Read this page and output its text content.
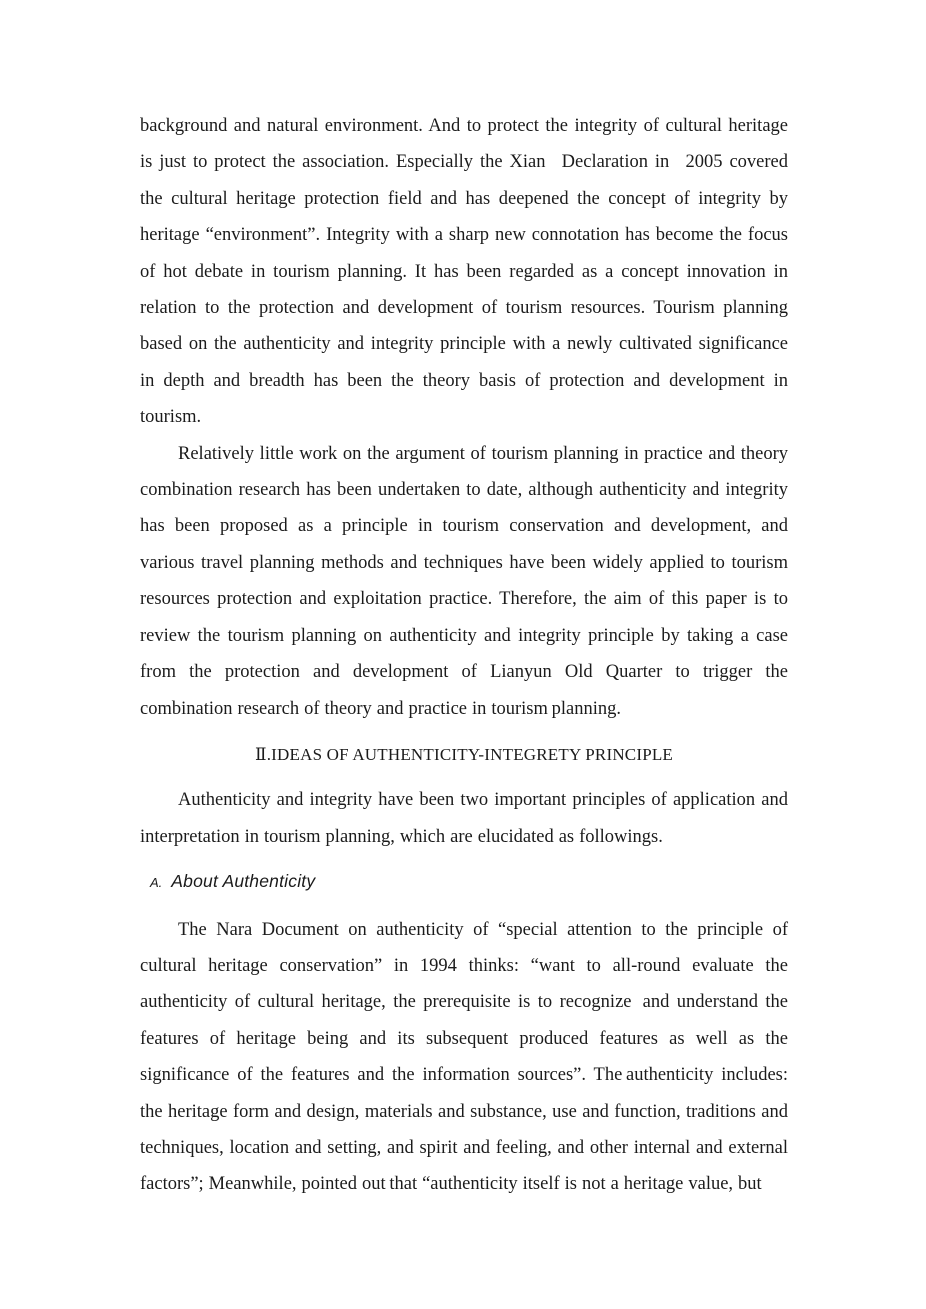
background and natural environment. And to protect the integrity of cultural heritage is just to protect the association. Especially the Xian  Declaration in  2005 covered the cultural heritage protection field and has deepened the concept of integrity by heritage “environment”. Integrity with a sharp new connotation has become the focus of hot debate in tourism planning. It has been regarded as a concept innovation in relation to the protection and development of tourism resources. Tourism planning based on the authenticity and integrity principle with a newly cultivated significance in depth and breadth has been the theory basis of protection and development in tourism.

Relatively little work on the argument of tourism planning in practice and theory combination research has been undertaken to date, although authenticity and integrity has been proposed as a principle in tourism conservation and development, and various travel planning methods and techniques have been widely applied to tourism resources protection and exploitation practice. Therefore, the aim of this paper is to review the tourism planning on authenticity and integrity principle by taking a case from the protection and development of Lianyun Old Quarter to trigger the combination research of theory and practice in tourism planning.

Ⅱ.IDEAS OF AUTHENTICITY-INTEGRETY PRINCIPLE

Authenticity and integrity have been two important principles of application and interpretation in tourism planning, which are elucidated as followings.

A. About Authenticity

The Nara Document on authenticity of “special attention to the principle of cultural heritage conservation” in 1994 thinks: “want to all-round evaluate the authenticity of cultural heritage, the prerequisite is to recognize  and understand the features of heritage being and its subsequent produced features as well as the significance of the features and the information sources”. The authenticity includes: the heritage form and design, materials and substance, use and function, traditions and techniques, location and setting, and spirit and feeling, and other internal and external factors”; Meanwhile, pointed out that “authenticity itself is not a heritage value, but
